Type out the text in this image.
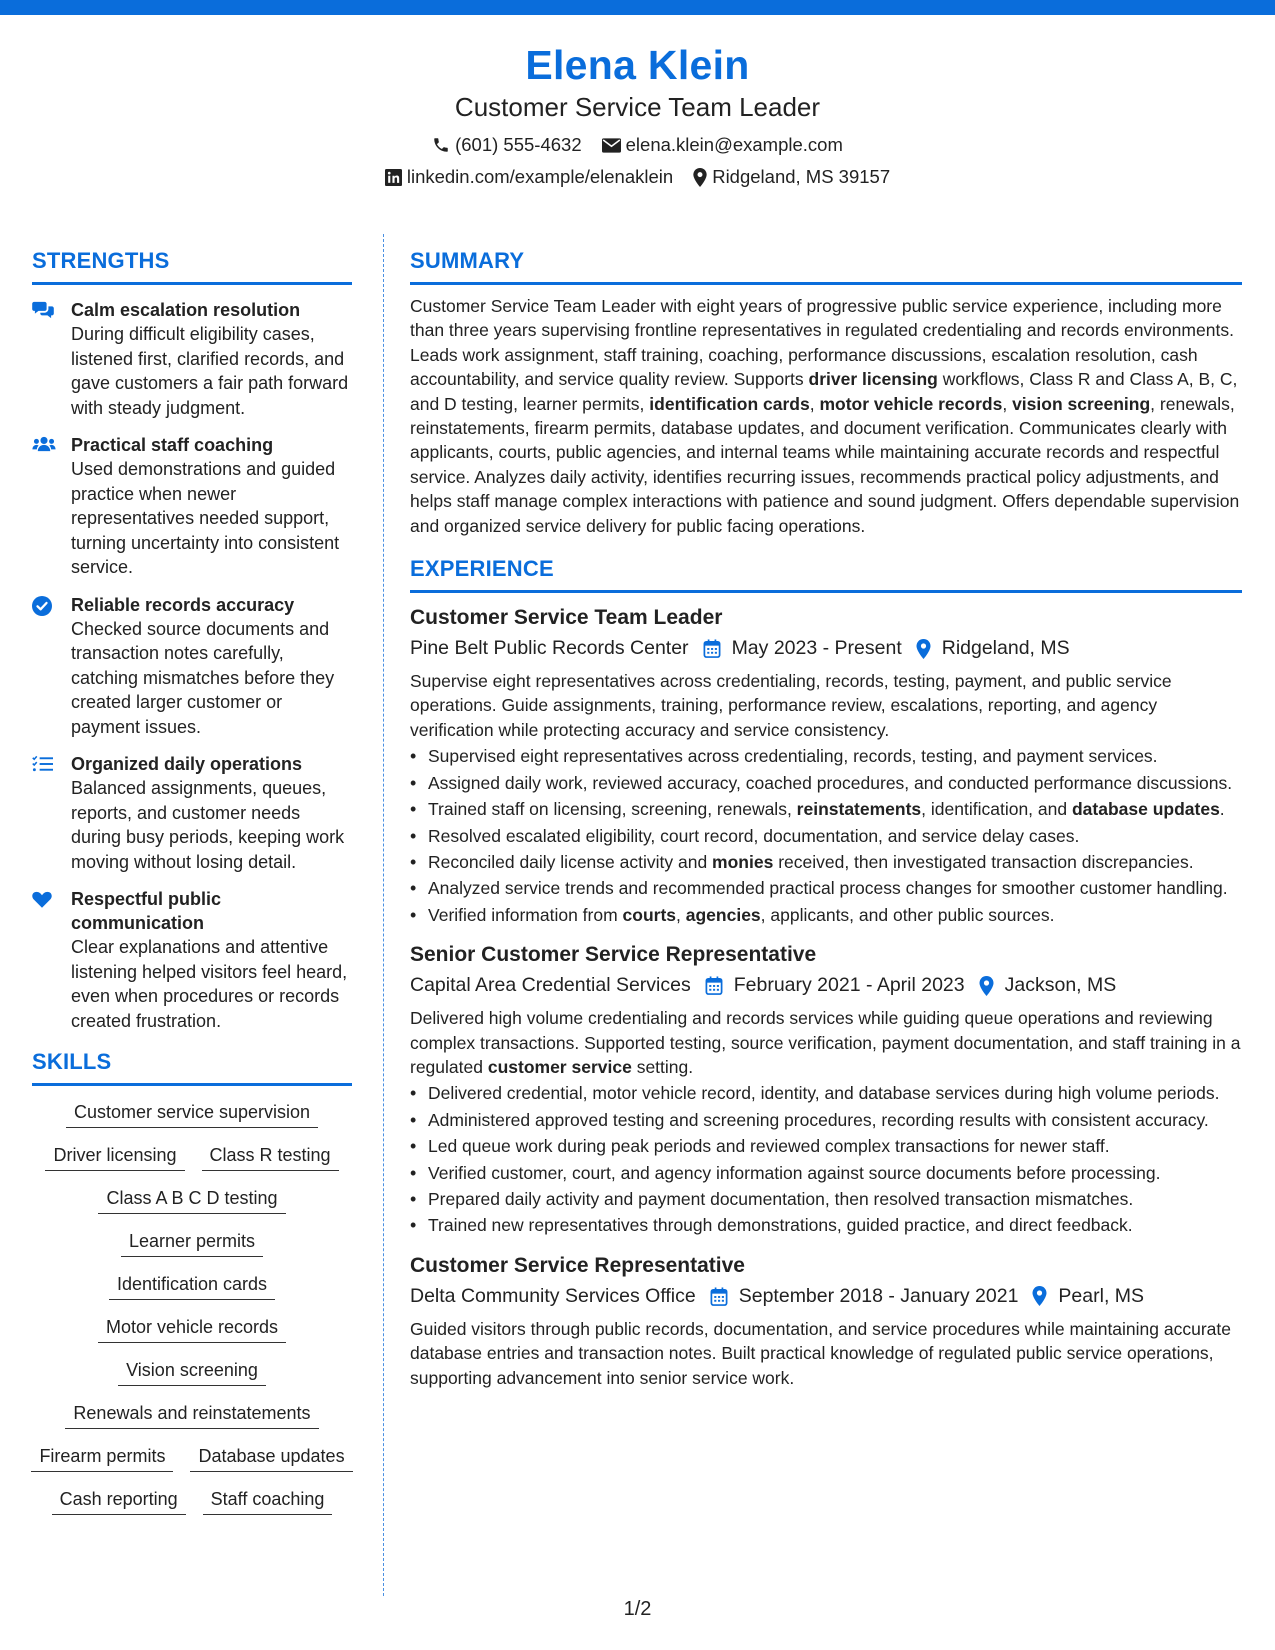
Elena Klein
Customer Service Team Leader
(601) 555-4632 elena.klein@example.com
linkedin.com/example/elenaklein Ridgeland, MS 39157
STRENGTHS
Calm escalation resolution
During difficult eligibility cases, listened first, clarified records, and gave customers a fair path forward with steady judgment.
Practical staff coaching
Used demonstrations and guided practice when newer representatives needed support, turning uncertainty into consistent service.
Reliable records accuracy
Checked source documents and transaction notes carefully, catching mismatches before they created larger customer or payment issues.
Organized daily operations
Balanced assignments, queues, reports, and customer needs during busy periods, keeping work moving without losing detail.
Respectful public communication
Clear explanations and attentive listening helped visitors feel heard, even when procedures or records created frustration.
SKILLS
Customer service supervision
Driver licensing	Class R testing
Class A B C D testing
Learner permits
Identification cards
Motor vehicle records
Vision screening
Renewals and reinstatements
Firearm permits	Database updates
Cash reporting	Staff coaching
SUMMARY
Customer Service Team Leader with eight years of progressive public service experience, including more than three years supervising frontline representatives in regulated credentialing and records environments. Leads work assignment, staff training, coaching, performance discussions, escalation resolution, cash accountability, and service quality review. Supports driver licensing workflows, Class R and Class A, B, C, and D testing, learner permits, identification cards, motor vehicle records, vision screening, renewals, reinstatements, firearm permits, database updates, and document verification. Communicates clearly with applicants, courts, public agencies, and internal teams while maintaining accurate records and respectful service. Analyzes daily activity, identifies recurring issues, recommends practical policy adjustments, and helps staff manage complex interactions with patience and sound judgment. Offers dependable supervision and organized service delivery for public facing operations.
EXPERIENCE
Customer Service Team Leader
Pine Belt Public Records Center May 2023 - Present Ridgeland, MS
Supervise eight representatives across credentialing, records, testing, payment, and public service operations. Guide assignments, training, performance review, escalations, reporting, and agency verification while protecting accuracy and service consistency.
• Supervised eight representatives across credentialing, records, testing, and payment services.
• Assigned daily work, reviewed accuracy, coached procedures, and conducted performance discussions.
• Trained staff on licensing, screening, renewals, reinstatements, identification, and database updates.
• Resolved escalated eligibility, court record, documentation, and service delay cases.
• Reconciled daily license activity and monies received, then investigated transaction discrepancies.
• Analyzed service trends and recommended practical process changes for smoother customer handling.
• Verified information from courts, agencies, applicants, and other public sources.
Senior Customer Service Representative
Capital Area Credential Services February 2021 - April 2023 Jackson, MS
Delivered high volume credentialing and records services while guiding queue operations and reviewing complex transactions. Supported testing, source verification, payment documentation, and staff training in a regulated customer service setting.
• Delivered credential, motor vehicle record, identity, and database services during high volume periods.
• Administered approved testing and screening procedures, recording results with consistent accuracy.
• Led queue work during peak periods and reviewed complex transactions for newer staff.
• Verified customer, court, and agency information against source documents before processing.
• Prepared daily activity and payment documentation, then resolved transaction mismatches.
• Trained new representatives through demonstrations, guided practice, and direct feedback.
Customer Service Representative
Delta Community Services Office September 2018 - January 2021 Pearl, MS
Guided visitors through public records, documentation, and service procedures while maintaining accurate database entries and transaction notes. Built practical knowledge of regulated public service operations, supporting advancement into senior service work.
1/2
